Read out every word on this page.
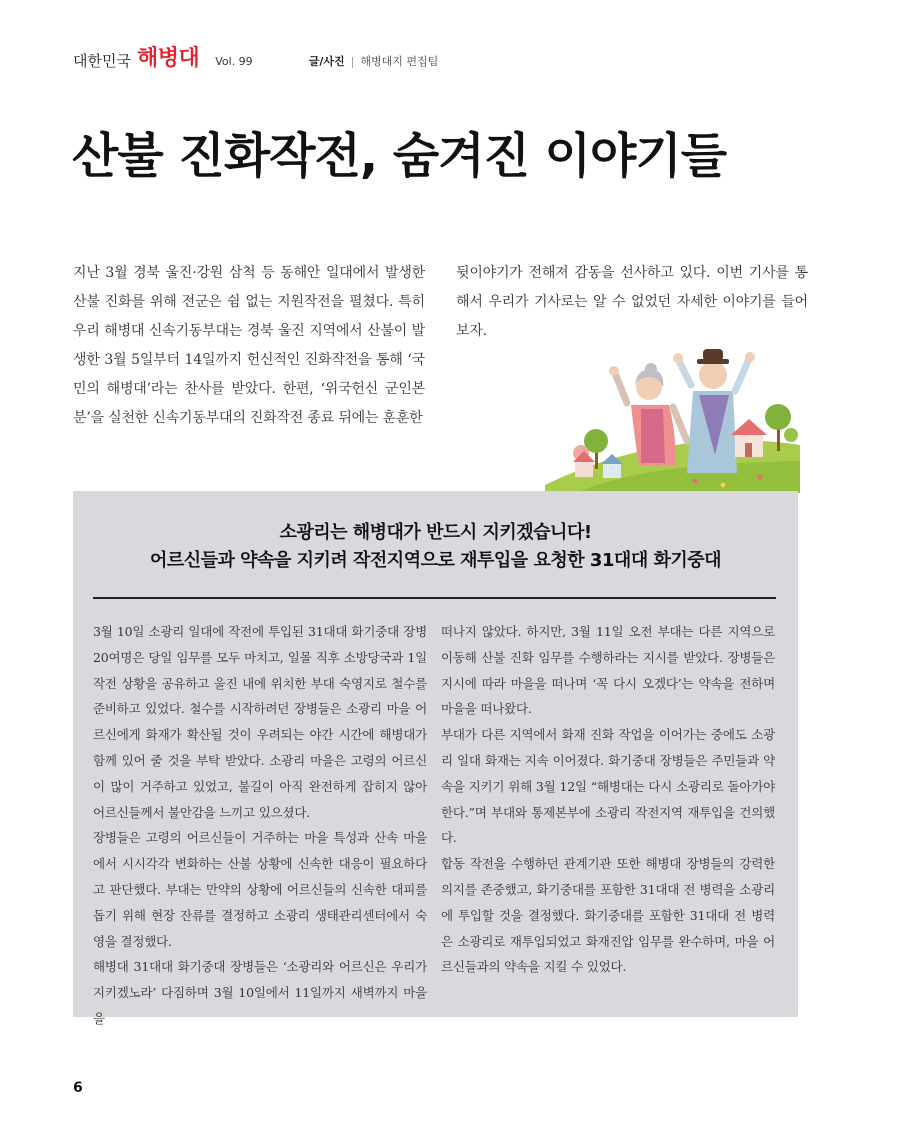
대한민국 해병대 Vol. 99	글/사진 | 해병대지 편집팀
산불 진화작전, 숨겨진 이야기들
지난 3월 경북 울진·강원 삼척 등 동해안 일대에서 발생한 산불 진화를 위해 전군은 쉼 없는 지원작전을 펼쳤다. 특히 우리 해병대 신속기동부대는 경북 울진 지역에서 산불이 발생한 3월 5일부터 14일까지 헌신적인 진화작전을 통해 ‘국민의 해병대’라는 찬사를 받았다. 한편, ‘위국헌신 군인본분’을 실천한 신속기동부대의 진화작전 종료 뒤에는 훈훈한
뒷이야기가 전해져 감동을 선사하고 있다. 이번 기사를 통해서 우리가 기사로는 알 수 없었던 자세한 이야기를 들어보자.
소광리는 해병대가 반드시 지키겠습니다!
어르신들과 약속을 지키려 작전지역으로 재투입을 요청한 31대대 화기중대

3월 10일 소광리 일대에 작전에 투입된 31대대 화기중대 장병 20여명은 당일 임무를 모두 마치고, 일몰 직후 소방당국과 1일 작전 상황을 공유하고 울진 내에 위치한 부대 숙영지로 철수를 준비하고 있었다. 철수를 시작하려던 장병들은 소광리 마을 어르신에게 화재가 확산될 것이 우려되는 야간 시간에 해병대가 함께 있어 줄 것을 부탁 받았다. 소광리 마을은 고령의 어르신이 많이 거주하고 있었고, 불길이 아직 완전하게 잡히지 않아 어르신들께서 불안감을 느끼고 있으셨다.

장병들은 고령의 어르신들이 거주하는 마을 특성과 산속 마을에서 시시각각 변화하는 산불 상황에 신속한 대응이 필요하다고 판단했다. 부대는 만약의 상황에 어르신들의 신속한 대피를 돕기 위해 현장 잔류를 결정하고 소광리 생태관리센터에서 숙영을 결정했다.

해병대 31대대 화기중대 장병들은 ‘소광리와 어르신은 우리가 지키겠노라’ 다짐하며 3월 10일에서 11일까지 새벽까지 마을을

떠나지 않았다. 하지만, 3월 11일 오전 부대는 다른 지역으로 이동해 산불 진화 임무를 수행하라는 지시를 받았다. 장병들은 지시에 따라 마을을 떠나며 ‘꼭 다시 오겠다’는 약속을 전하며 마을을 떠나왔다.

부대가 다른 지역에서 화재 진화 작업을 이어가는 중에도 소광리 일대 화재는 지속 이어졌다. 화기중대 장병들은 주민들과 약속을 지키기 위해 3월 12일 “해병대는 다시 소광리로 돌아가야 한다.”며 부대와 통제본부에 소광리 작전지역 재투입을 건의했다.

합동 작전을 수행하던 관계기관 또한 해병대 장병들의 강력한 의지를 존중했고, 화기중대를 포함한 31대대 전 병력을 소광리에 투입할 것을 결정했다. 화기중대를 포함한 31대대 전 병력은 소광리로 재투입되었고 화재진압 임무를 완수하며, 마을 어르신들과의 약속을 지킬 수 있었다.

6
